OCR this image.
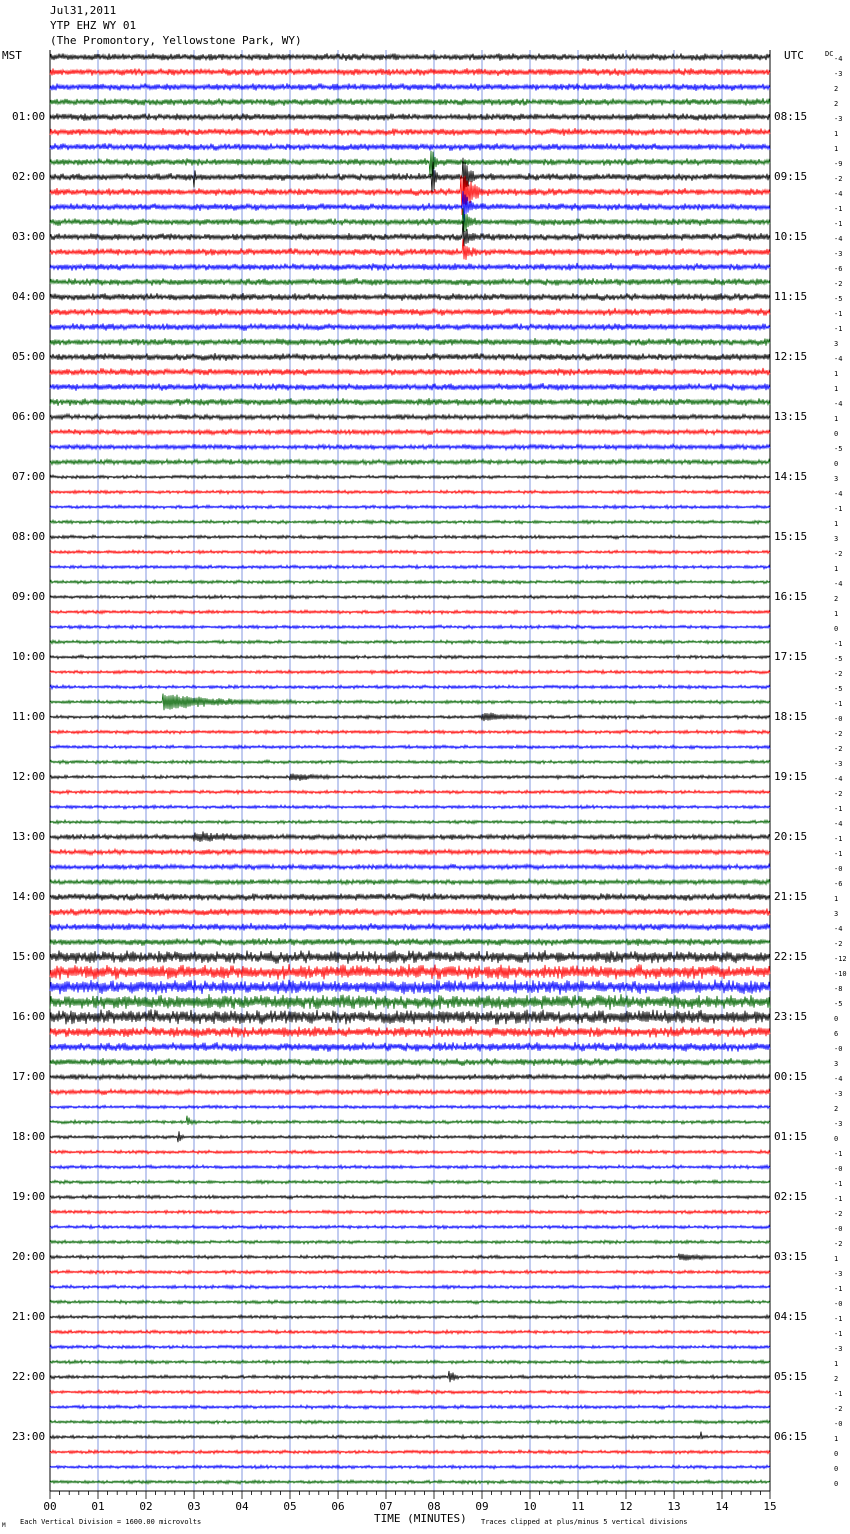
Jul31,2011
YTP EHZ WY 01
(The Promontory, Yellowstone Park, WY)
MST	UTC	DC
01:00
02:00
03:00
04:00
05:00
06:00
07:00
08:00
09:00
10:00
11:00
12:00
13:00
14:00
15:00
16:00
17:00
18:00
19:00
20:00
21:00
22:00
23:00
08:15
09:15
10:15
11:15
12:15
13:15
14:15
15:15
16:15
17:15
18:15
19:15
20:15
21:15
22:15
23:15
00:15
01:15
02:15
03:15
04:15
05:15
06:15
-4
-3
2
2
-3
1
1
-9
-2
-4
-1
-1
-4
-3
-6
-2
-5
-1
-1
3
-4
1
1
-4
1
0
-5
0
3
-4
-1
1
3
-2
1
-4
2
1
0
-1
-5
-2
-5
-1
-0
-2
-2
-3
-4
-2
-1
-4
-1
-1
-0
-6
1
3
-4
-2
-12
-10
-8
-5
0
6
-0
3
-4
-3
2
-3
0
-1
-0
-1
-1
-2
-0
-2
1
-3
-1
-0
-1
-1
-3
1
2
-1
-2
-0
1
0
0
0
00	01	02	03	04	05	06	07	08	09	10	11	12	13	14	15
TIME (MINUTES)
Each Vertical Division = 1600.00 microvolts	Traces clipped at plus/minus 5 vertical divisions
M
